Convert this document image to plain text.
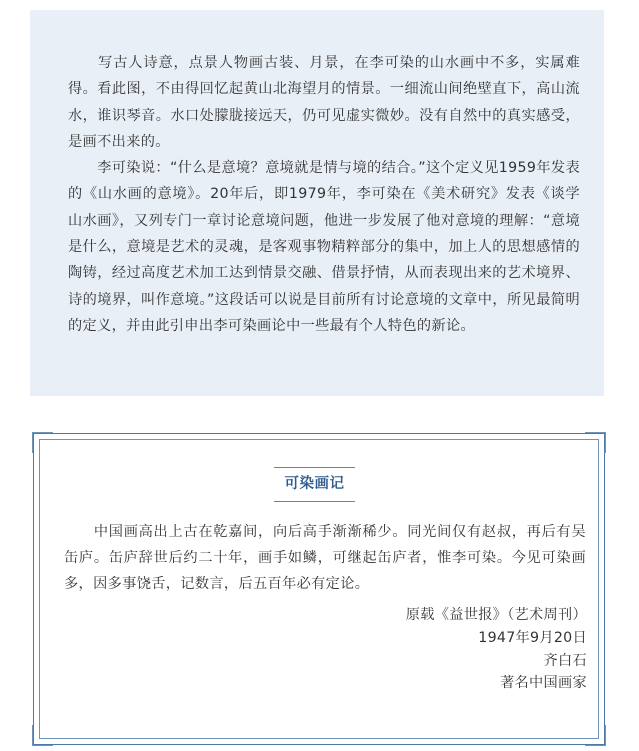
　　写古人诗意，点景人物画古装、月景，在李可染的山水画中不多，实属难得。看此图，不由得回忆起黄山北海望月的情景。一细流山间绝壁直下，高山流水，谁识琴音。水口处朦胧接远天，仍可见虚实微妙。没有自然中的真实感受，是画不出来的。

　　李可染说：“什么是意境？意境就是情与境的结合。”这个定义见1959年发表的《山水画的意境》。20年后，即1979年，李可染在《美术研究》发表《谈学山水画》，又列专门一章讨论意境问题，他进一步发展了他对意境的理解：“意境是什么，意境是艺术的灵魂，是客观事物精粹部分的集中，加上人的思想感情的陶铸，经过高度艺术加工达到情景交融、借景抒情，从而表现出来的艺术境界、诗的境界，叫作意境。”这段话可以说是目前所有讨论意境的文章中，所见最简明的定义，并由此引申出李可染画论中一些最有个人特色的新论。

可染画记

　　中国画高出上古在乾嘉间，向后高手渐渐稀少。同光间仅有赵叔，再后有吴缶庐。缶庐辞世后约二十年，画手如鳞，可继起缶庐者，惟李可染。今见可染画多，因多事饶舌，记数言，后五百年必有定论。

原载《益世报》（艺术周刊）
1947年9月20日
齐白石
著名中国画家
